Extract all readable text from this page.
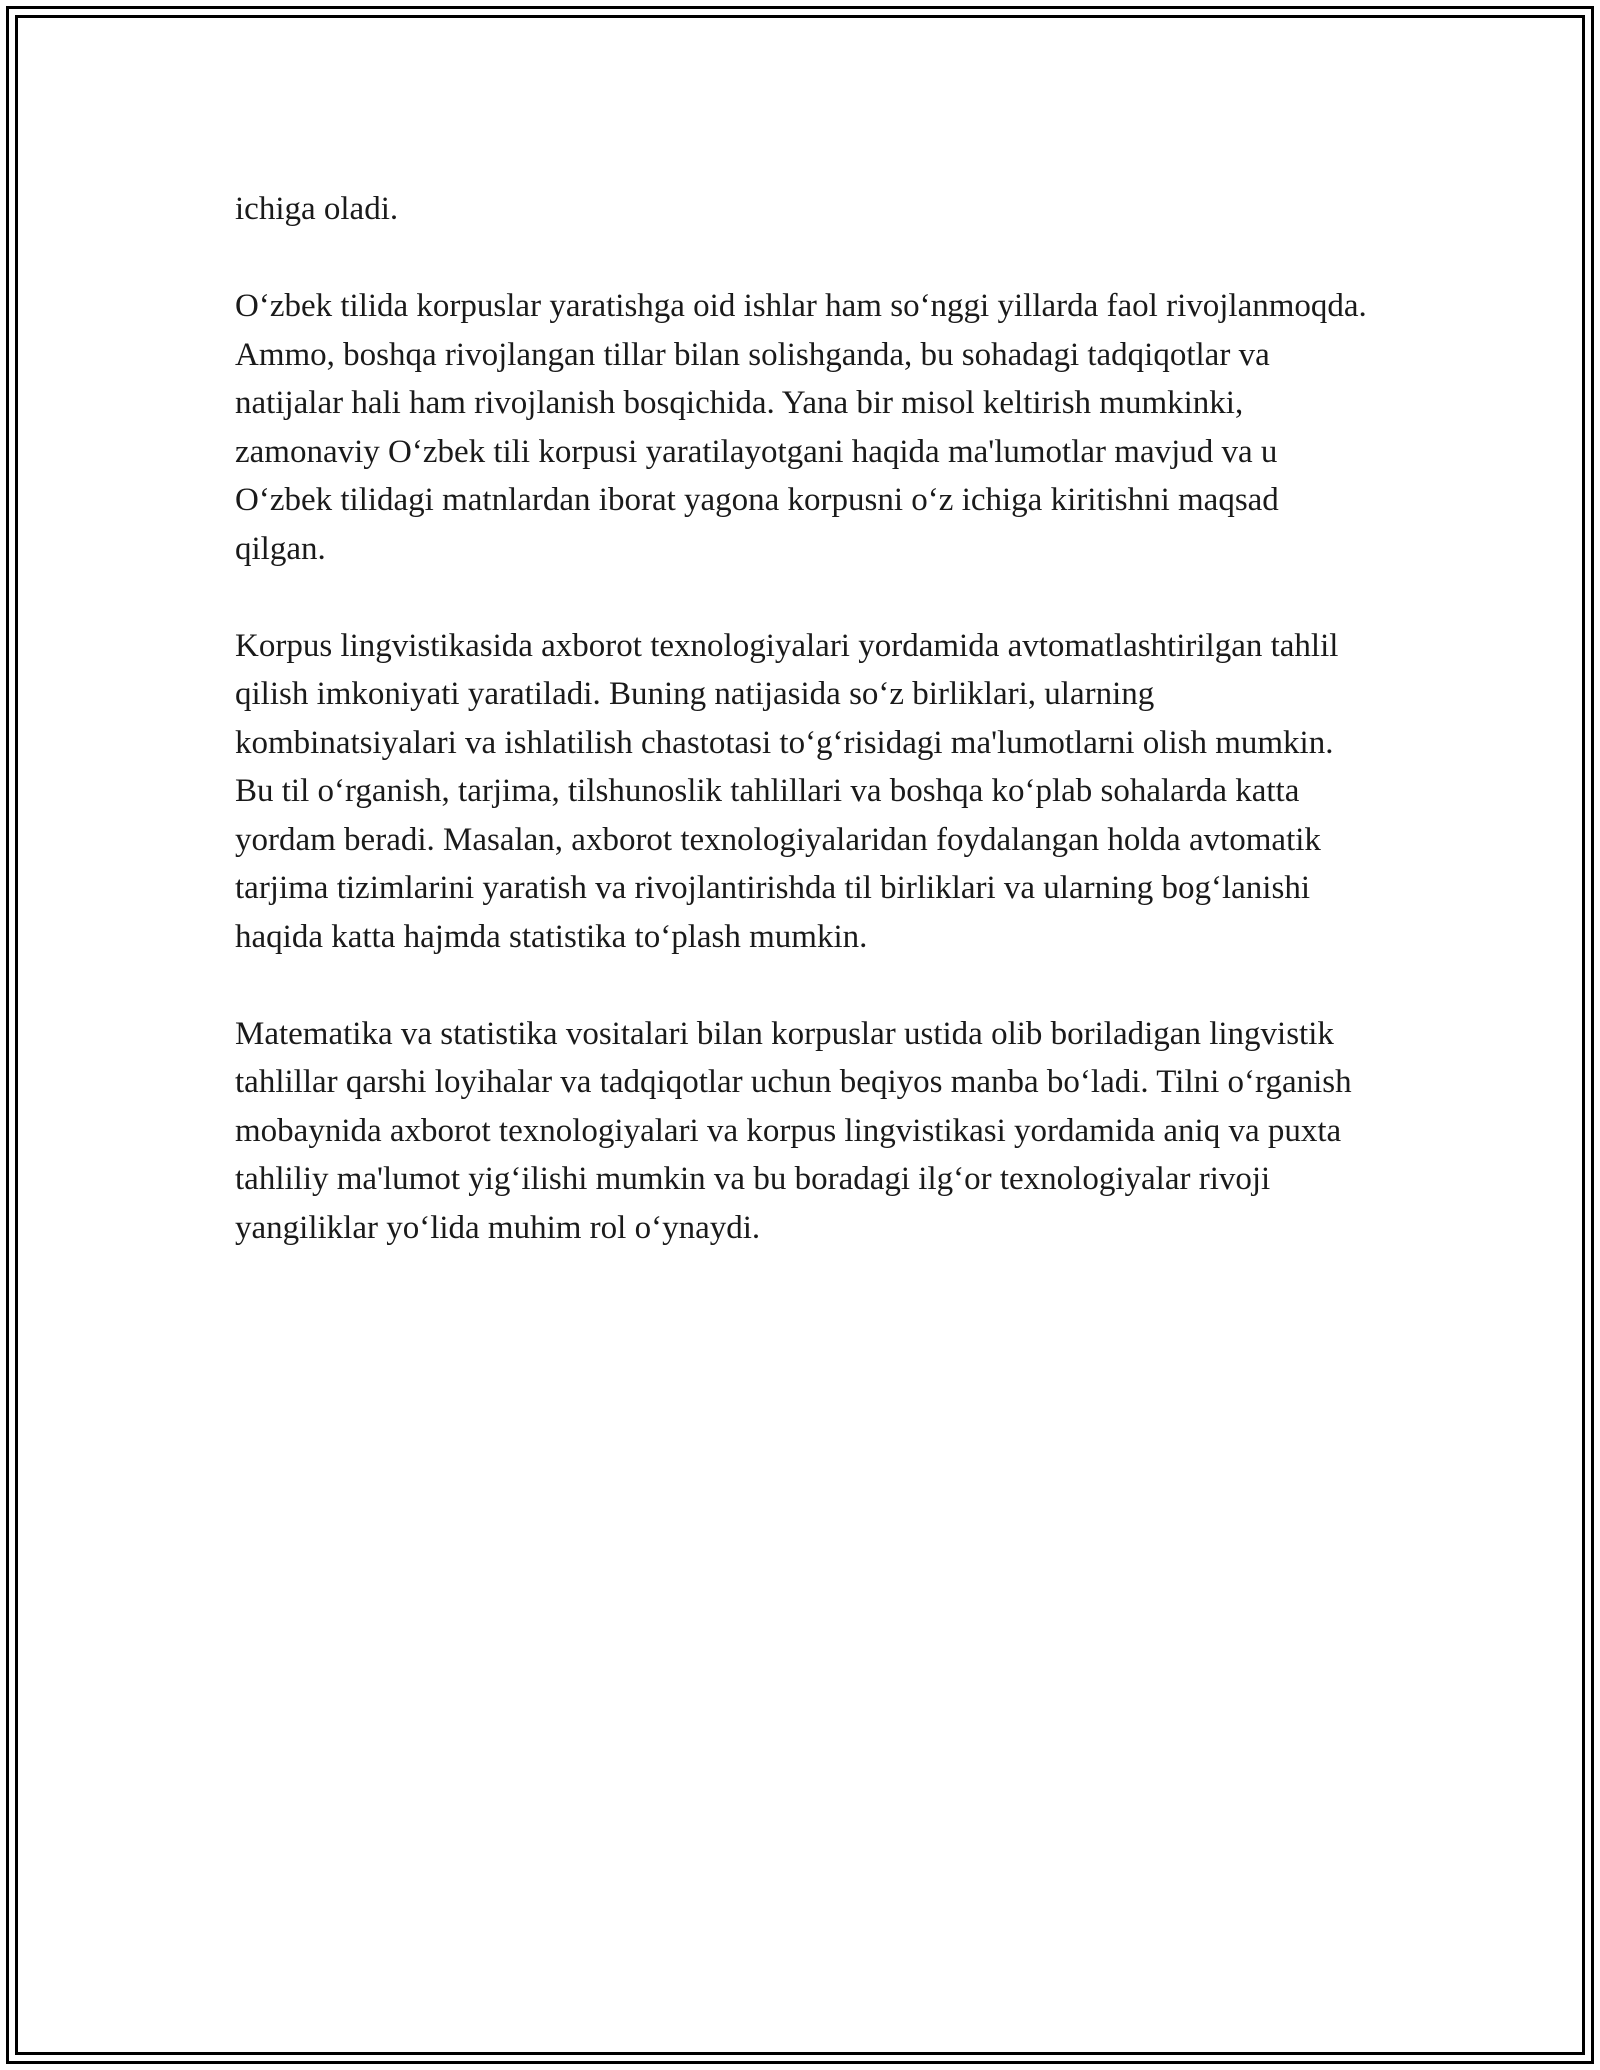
ichiga oladi.

O‘zbek tilida korpuslar yaratishga oid ishlar ham so‘nggi yillarda faol rivojlanmoqda. Ammo, boshqa rivojlangan tillar bilan solishganda, bu sohadagi tadqiqotlar va natijalar hali ham rivojlanish bosqichida. Yana bir misol keltirish mumkinki, zamonaviy O‘zbek tili korpusi yaratilayotgani haqida ma'lumotlar mavjud va u O‘zbek tilidagi matnlardan iborat yagona korpusni o‘z ichiga kiritishni maqsad qilgan.

Korpus lingvistikasida axborot texnologiyalari yordamida avtomatlashtirilgan tahlil qilish imkoniyati yaratiladi. Buning natijasida so‘z birliklari, ularning kombinatsiyalari va ishlatilish chastotasi to‘g‘risidagi ma'lumotlarni olish mumkin. Bu til o‘rganish, tarjima, tilshunoslik tahlillari va boshqa ko‘plab sohalarda katta yordam beradi. Masalan, axborot texnologiyalaridan foydalangan holda avtomatik tarjima tizimlarini yaratish va rivojlantirishda til birliklari va ularning bog‘lanishi haqida katta hajmda statistika to‘plash mumkin.

Matematika va statistika vositalari bilan korpuslar ustida olib boriladigan lingvistik tahlillar qarshi loyihalar va tadqiqotlar uchun beqiyos manba bo‘ladi. Tilni o‘rganish mobaynida axborot texnologiyalari va korpus lingvistikasi yordamida aniq va puxta tahliliy ma'lumot yig‘ilishi mumkin va bu boradagi ilg‘or texnologiyalar rivoji yangiliklar yo‘lida muhim rol o‘ynaydi.
